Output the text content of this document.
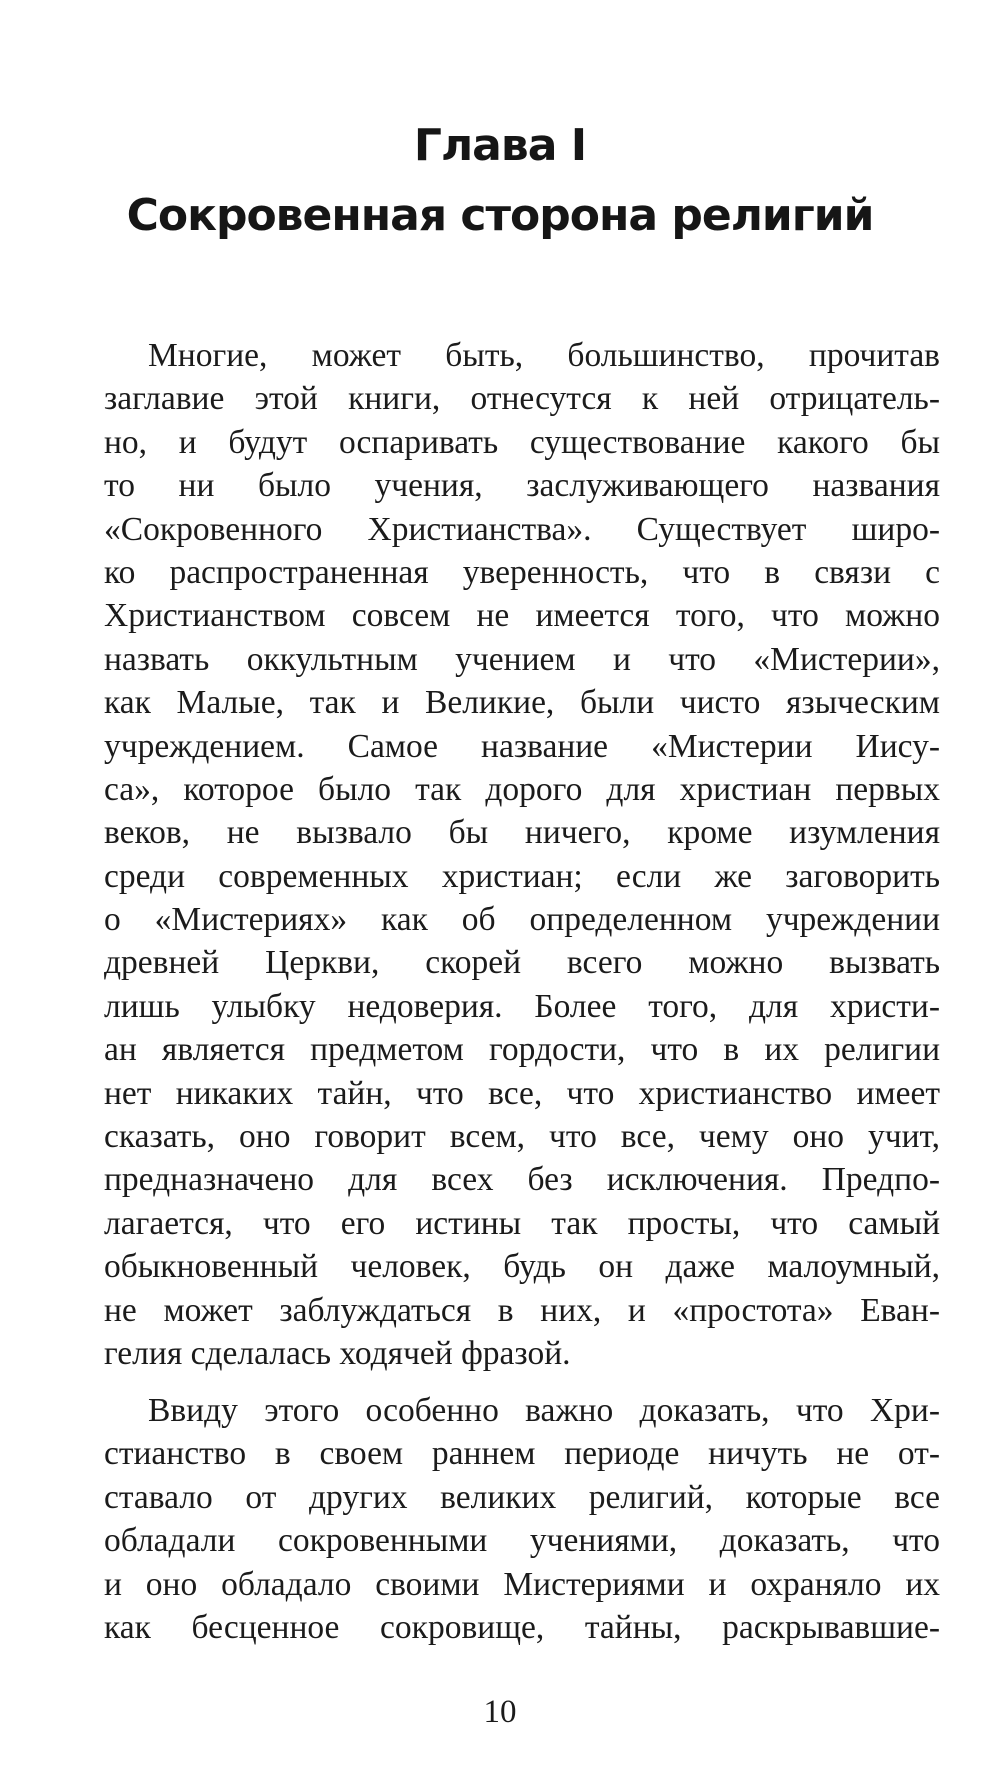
Глава I
Сокровенная сторона религий
Многие, может быть, большинство, прочитав
заглавие этой книги, отнесутся к ней отрицатель-
но, и будут оспаривать существование какого бы
то ни было учения, заслуживающего названия
«Сокровенного Христианства». Существует широ-
ко распространенная уверенность, что в связи с
Христианством совсем не имеется того, что можно
назвать оккультным учением и что «Мистерии»,
как Малые, так и Великие, были чисто языческим
учреждением. Самое название «Мистерии Иису-
са», которое было так дорого для христиан первых
веков, не вызвало бы ничего, кроме изумления
среди современных христиан; если же заговорить
о «Мистериях» как об определенном учреждении
древней Церкви, скорей всего можно вызвать
лишь улыбку недоверия. Более того, для христи-
ан является предметом гордости, что в их религии
нет никаких тайн, что все, что христианство имеет
сказать, оно говорит всем, что все, чему оно учит,
предназначено для всех без исключения. Предпо-
лагается, что его истины так просты, что самый
обыкновенный человек, будь он даже малоумный,
не может заблуждаться в них, и «простота» Еван-
гелия сделалась ходячей фразой.
Ввиду этого особенно важно доказать, что Хри-
стианство в своем раннем периоде ничуть не от-
ставало от других великих религий, которые все
обладали сокровенными учениями, доказать, что
и оно обладало своими Мистериями и охраняло их
как бесценное сокровище, тайны, раскрывавшие-
10
